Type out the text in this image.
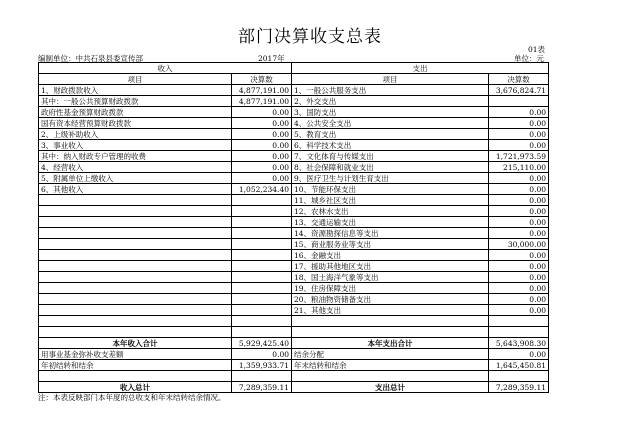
部门决算收支总表
01表
编制单位：中共石泉县委宣传部	2017年	单位：元
收入		支出	
项目	决算数	项目	决算数
1、财政拨款收入	4,877,191.00	1、一般公共服务支出	3,676,824.71
其中：一般公共预算财政拨款	4,877,191.00	2、外交支出	
政府性基金预算财政拨款	0.00	3、国防支出	0.00
国有资本经营预算财政拨款	0.00	4、公共安全支出	0.00
2、上级补助收入	0.00	5、教育支出	0.00
3、事业收入	0.00	6、科学技术支出	0.00
其中：纳入财政专户管理的收费	0.00	7、文化体育与传媒支出	1,721,973.59
4、经营收入	0.00	8、社会保障和就业支出	215,110.00
5、附属单位上缴收入	0.00	9、医疗卫生与计划生育支出	0.00
6、其他收入	1,052,234.40	10、节能环保支出	0.00
		11、城乡社区支出	0.00
		12、农林水支出	0.00
		13、交通运输支出	0.00
		14、资源勘探信息等支出	0.00
		15、商业服务业等支出	30,000.00
		16、金融支出	0.00
		17、援助其他地区支出	0.00
		18、国土海洋气象等支出	0.00
		19、住房保障支出	0.00
		20、粮油物资储备支出	0.00
		21、其他支出	0.00

本年收入合计	5,929,425.40	本年支出合计	5,643,908.30
用事业基金弥补收支差额	0.00	结余分配	0.00
年初结转和结余	1,359,933.71	年末结转和结余	1,645,450.81

收入总计	7,289,359.11	支出总计	7,289,359.11
注：本表反映部门本年度的总收支和年末结转结余情况。
